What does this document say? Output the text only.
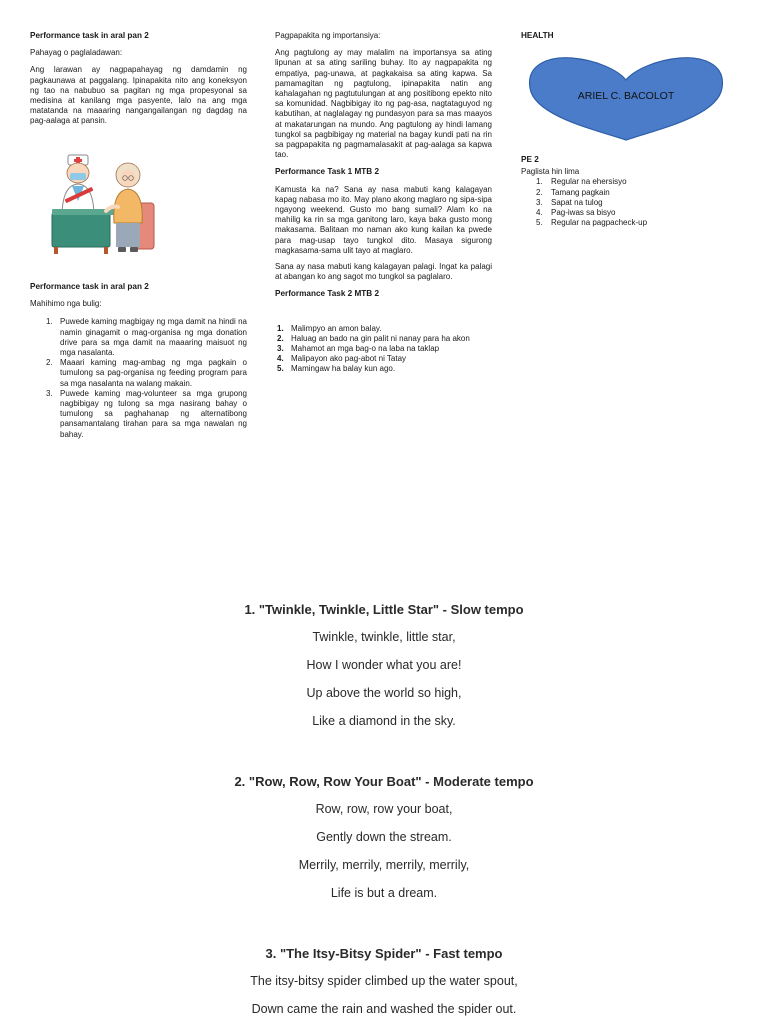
Performance task in aral pan 2

Pahayag o paglaladawan:

Ang larawan ay nagpapahayag ng damdamin ng pagkaunawa at paggalang. Ipinapakita nito ang koneksyon ng tao na nabubuo sa pagitan ng mga propesyonal sa medisina at kanilang mga pasyente, lalo na ang mga matatanda na maaaring nangangailangan ng dagdag na pag-aalaga at pansin.

Performance task in aral pan 2

Mahihimo nga bulig:

1. Puwede kaming magbigay ng mga damit na hindi na namin ginagamit o mag-organisa ng mga donation drive para sa mga damit na maaaring maisuot ng mga nasalanta.
2. Maaari kaming mag-ambag ng mga pagkain o tumulong sa pag-organisa ng feeding program para sa mga nasalanta na walang makain.
3. Puwede kaming mag-volunteer sa mga grupong nagbibigay ng tulong sa mga nasirang bahay o tumulong sa paghahanap ng alternatibong pansamantalang tirahan para sa mga nawalan ng bahay.

Pagpapakita ng importansiya:

Ang pagtulong ay may malalim na importansya sa ating lipunan at sa ating sariling buhay. Ito ay nagpapakita ng empatiya, pag-unawa, at pagkakaisa sa ating kapwa. Sa pamamagitan ng pagtulong, ipinapakita natin ang kahalagahan ng pagtutulungan at ang positibong epekto nito sa komunidad. Nagbibigay ito ng pag-asa, nagtataguyod ng kabutihan, at naglalagay ng pundasyon para sa mas maayos at makatarungan na mundo. Ang pagtulong ay hindi lamang tungkol sa pagbibigay ng material na bagay kundi pati na rin sa pagpapakita ng pagmamalasakit at pag-aalaga sa kapwa tao.

Performance Task 1 MTB 2

Kamusta ka na? Sana ay nasa mabuti kang kalagayan kapag nabasa mo ito. May plano akong maglaro ng sipa-sipa ngayong weekend. Gusto mo bang sumali? Alam ko na mahilig ka rin sa mga ganitong laro, kaya baka gusto mong makasama. Balitaan mo naman ako kung kailan ka pwede para mag-usap tayo tungkol dito. Masaya sigurong magkasama-sama ulit tayo at maglaro.

Sana ay nasa mabuti kang kalagayan palagi. Ingat ka palagi at abangan ko ang sagot mo tungkol sa paglalaro.

Performance Task 2 MTB 2

1. Malimpyo an amon balay.
2. Haluag an bado na gin palit ni nanay para ha akon
3. Mahamot an mga bag-o na laba na taklap
4. Malipayon ako pag-abot ni Tatay
5. Mamingaw ha balay kun ago.

HEALTH

ARIEL C. BACOLOT

PE 2

Paglista hin lima

1. Regular na ehersisyo
2. Tamang pagkain
3. Sapat na tulog
4. Pag-iwas sa bisyo
5. Regular na pagpacheck-up
1. "Twinkle, Twinkle, Little Star" - Slow tempo
Twinkle, twinkle, little star,
How I wonder what you are!
Up above the world so high,
Like a diamond in the sky.
2. "Row, Row, Row Your Boat" - Moderate tempo
Row, row, row your boat,
Gently down the stream.
Merrily, merrily, merrily, merrily,
Life is but a dream.
3. "The Itsy-Bitsy Spider" - Fast tempo
The itsy-bitsy spider climbed up the water spout,
Down came the rain and washed the spider out.
